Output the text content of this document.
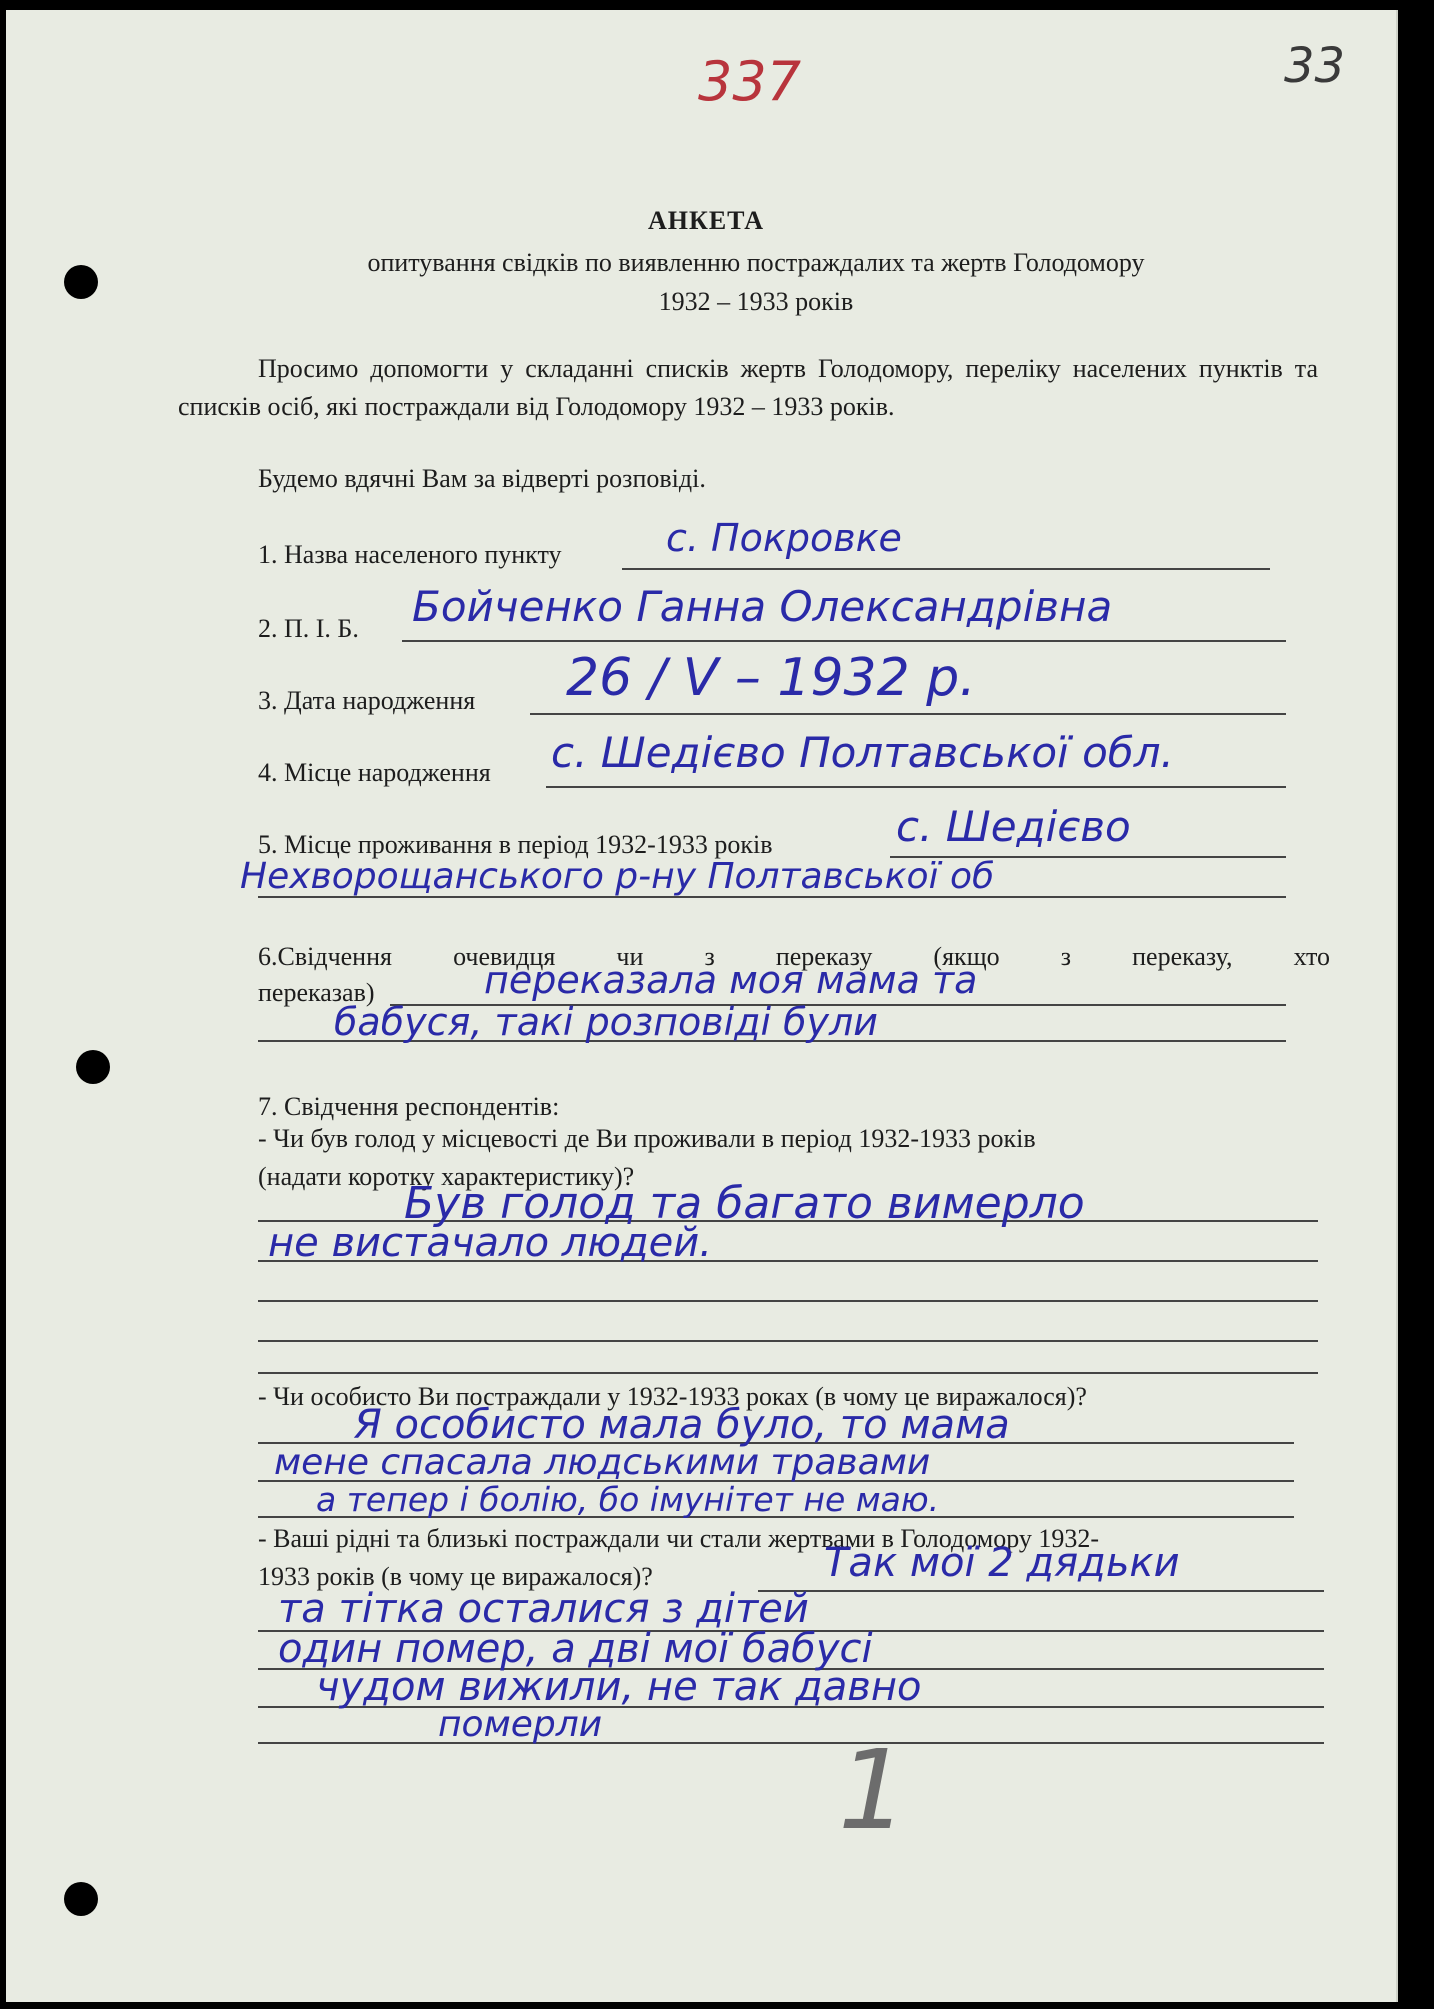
337	33
АНКЕТА
опитування свідків по виявленню постраждалих та жертв Голодомору
1932 – 1933 років
Просимо допомогти у складанні списків жертв Голодомору, переліку населених пунктів та списків осіб, які постраждали від Голодомору 1932 – 1933 років.
Будемо вдячні Вам за відверті розповіді.
1. Назва населеного пункту	с. Покровке
2. П. І. Б. Бойченко Ганна Олександрівна
3. Дата народження 26 / V – 1932 р.
4. Місце народження с. Шедієво Полтавської обл.
5. Місце проживання в період 1932-1933 років	с. Шедієво
Нехворощанського р-ну Полтавської об
6.Свідчення очевидця чи з переказу (якщо з переказу, хто
переказав)	переказала моя мама та
бабуся, такі розповіді були
7. Свідчення респондентів:
- Чи був голод у місцевості де Ви проживали в період 1932-1933 років
(надати коротку характеристику)?
Був голод та багато вимерло
не вистачало людей.
- Чи особисто Ви постраждали у 1932-1933 роках (в чому це виражалося)?
Я особисто мала було, то мама
мене спасала людськими травами
а тепер і болію, бо імунітет не маю.
- Ваші рідні та близькі постраждали чи стали жертвами в Голодомору 1932-
1933 років (в чому це виражалося)?	Так мої 2 дядьки
та тітка осталися з дітей
один помер, а дві мої бабусі
чудом вижили, не так давно
померли
1
